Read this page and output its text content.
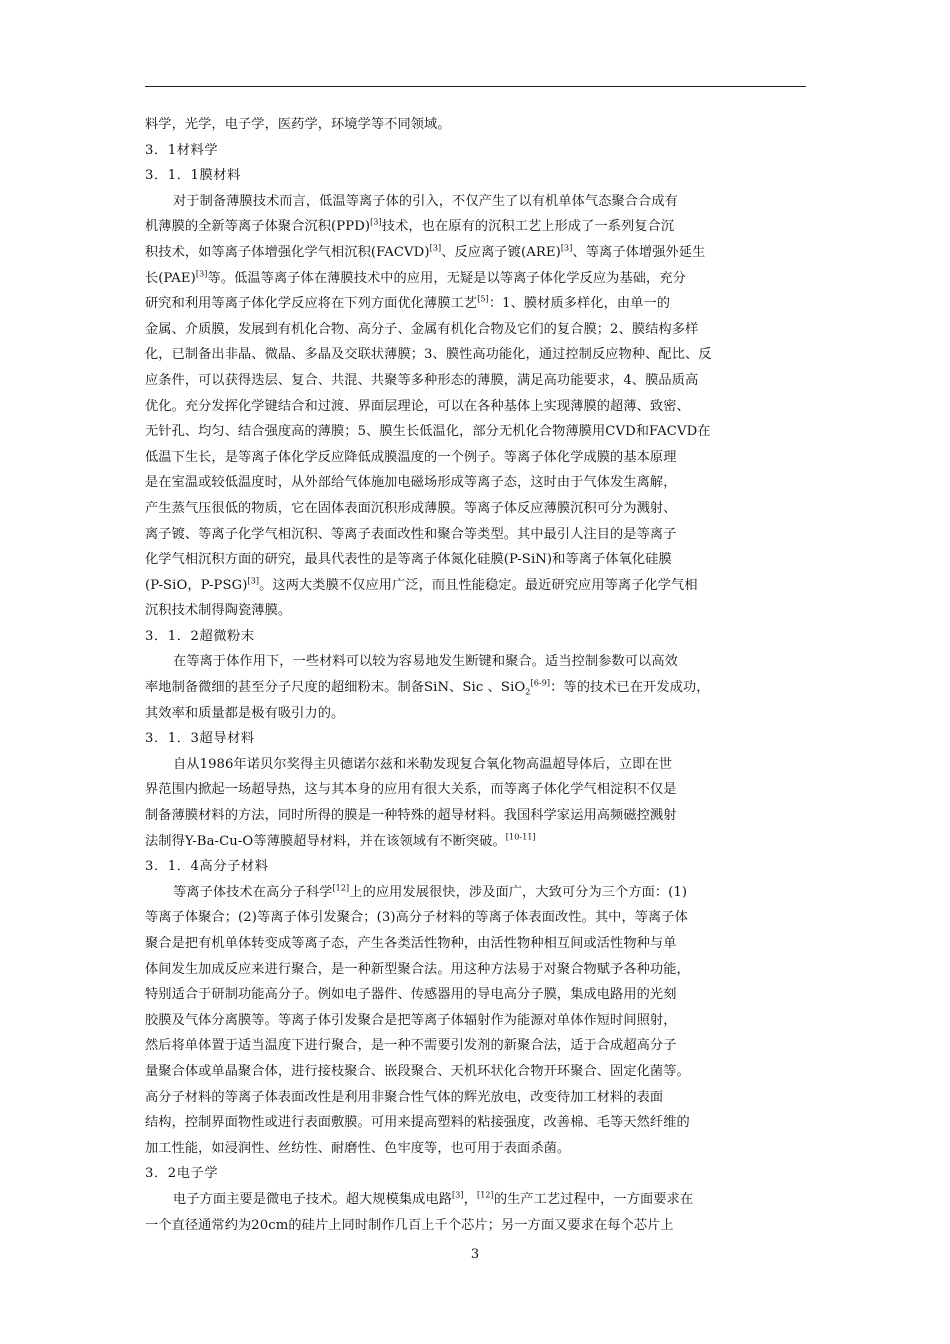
料学，光学，电子学，医药学，环境学等不同领域。
3．1材料学
3．1．1膜材料
对于制备薄膜技术而言，低温等离子体的引入，不仅产生了以有机单体气态聚合合成有
机薄膜的全新等离子体聚合沉积(PPD)[3]技术，也在原有的沉积工艺上形成了一系列复合沉
积技术，如等离子体增强化学气相沉积(FACVD)[3]、反应离子镀(ARE)[3]、等离子体增强外延生
长(PAE)[3]等。低温等离子体在薄膜技术中的应用，无疑是以等离子体化学反应为基础，充分
研究和利用等离子体化学反应将在下列方面优化薄膜工艺[5]：1、膜材质多样化，由单一的
金属、介质膜，发展到有机化合物、高分子、金属有机化合物及它们的复合膜；2、膜结构多样
化，已制备出非晶、微晶、多晶及交联状薄膜；3、膜性高功能化，通过控制反应物种、配比、反
应条件，可以获得迭层、复合、共混、共聚等多种形态的薄膜，满足高功能要求，4、膜品质高
优化。充分发挥化学键结合和过渡、界面层理论，可以在各种基体上实现薄膜的超薄、致密、
无针孔、均匀、结合强度高的薄膜；5、膜生长低温化，部分无机化合物薄膜用CVD和FACVD在
低温下生长，是等离子体化学反应降低成膜温度的一个例子。等离子体化学成膜的基本原理
是在室温或较低温度时，从外部给气体施加电磁场形成等离子态，这时由于气体发生离解，
产生蒸气压很低的物质，它在固体表面沉积形成薄膜。等离子体反应薄膜沉积可分为溅射、
离子镀、等离子化学气相沉积、等离子表面改性和聚合等类型。其中最引人注目的是等离子
化学气相沉积方面的研究，最具代表性的是等离子体氮化硅膜(P-SiN)和等离子体氧化硅膜
(P-SiO，P-PSG)[3]。这两大类膜不仅应用广泛，而且性能稳定。最近研究应用等离子化学气相
沉积技术制得陶瓷薄膜。
3．1．2超微粉末
在等离于体作用下，一些材料可以较为容易地发生断键和聚合。适当控制参数可以高效
率地制备微细的甚至分子尺度的超细粉末。制备SiN、Sic 、SiO$_2$[6-9]：等的技术已在开发成功，
其效率和质量都是极有吸引力的。
3．1．3超导材料
自从1986年诺贝尔奖得主贝德诺尔兹和米勒发现复合氧化物高温超导体后，立即在世
界范围内掀起一场超导热，这与其本身的应用有很大关系，而等离子体化学气相淀积不仅是
制备薄膜材料的方法，同时所得的膜是一种特殊的超导材料。我国科学家运用高频磁控溅射
法制得Y-Ba-Cu-O等薄膜超导材料，并在该领域有不断突破。[10-11]
3．1．4高分子材料
等离子体技术在高分子科学[12]上的应用发展很快，涉及面广，大致可分为三个方面：(1)
等离子体聚合；(2)等离子体引发聚合；(3)高分子材料的等离子体表面改性。其中，等离子体
聚合是把有机单体转变成等离子态，产生各类活性物种，由活性物种相互间或活性物种与单
体间发生加成反应来进行聚合，是一种新型聚合法。用这种方法易于对聚合物赋予各种功能，
特别适合于研制功能高分子。例如电子器件、传感器用的导电高分子膜，集成电路用的光刻
胶膜及气体分离膜等。等离子体引发聚合是把等离子体辐射作为能源对单体作短时间照射，
然后将单体置于适当温度下进行聚合，是一种不需要引发剂的新聚合法，适于合成超高分子
量聚合体或单晶聚合体，进行接枝聚合、嵌段聚合、天机环状化合物开环聚合、固定化菌等。
高分子材料的等离子体表面改性是利用非聚合性气体的辉光放电，改变待加工材料的表面
结构，控制界面物性或进行表面敷膜。可用来提高塑料的粘接强度，改善棉、毛等天然纤维的
加工性能，如浸润性、丝纺性、耐磨性、色牢度等，也可用于表面杀菌。
3．2电子学
电子方面主要是微电子技术。超大规模集成电路[3]，[12]的生产工艺过程中，一方面要求在
一个直径通常约为20cm的硅片上同时制作几百上千个芯片；另一方面又要求在每个芯片上
3
